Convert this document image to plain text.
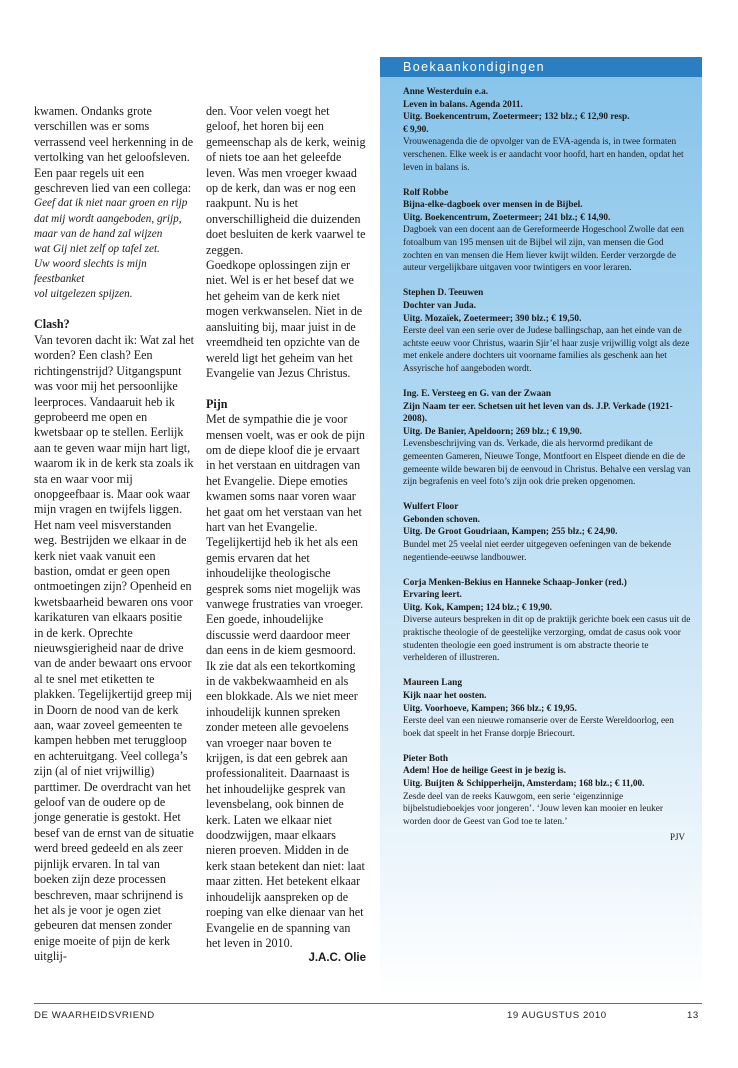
kwamen. Ondanks grote verschillen was er soms verrassend veel herkenning in de vertolking van het geloofsleven. Een paar regels uit een geschreven lied van een collega:

Geef dat ik niet naar groen en rijp
dat mij wordt aangeboden, grijp,
maar van de hand zal wijzen
wat Gij niet zelf op tafel zet.
Uw woord slechts is mijn feestbanket
vol uitgelezen spijzen.
Clash?

Van tevoren dacht ik: Wat zal het worden? Een clash? Een richtingenstrijd? Uitgangspunt was voor mij het persoonlijke leerproces. Vandaaruit heb ik geprobeerd me open en kwetsbaar op te stellen. Eerlijk aan te geven waar mijn hart ligt, waarom ik in de kerk sta zoals ik sta en waar voor mij onopgeefbaar is. Maar ook waar mijn vragen en twijfels liggen. Het nam veel misverstanden weg. Bestrijden we elkaar in de kerk niet vaak vanuit een bastion, omdat er geen open ontmoetingen zijn? Openheid en kwetsbaarheid bewaren ons voor karikaturen van elkaars positie in de kerk. Oprechte nieuwsgierigheid naar de drive van de ander bewaart ons ervoor al te snel met etiketten te plakken. Tegelijkertijd greep mij in Doorn de nood van de kerk aan, waar zoveel gemeenten te kampen hebben met teruggloop en achteruitgang. Veel collega’s zijn (al of niet vrijwillig) parttimer. De overdracht van het geloof van de oudere op de jonge generatie is gestokt. Het besef van de ernst van de situatie werd breed gedeeld en als zeer pijnlijk ervaren. In tal van boeken zijn deze processen beschreven, maar schrijnend is het als je voor je ogen ziet gebeuren dat mensen zonder enige moeite of pijn de kerk uitglij-

den. Voor velen voegt het geloof, het horen bij een gemeenschap als de kerk, weinig of niets toe aan het geleefde leven. Was men vroeger kwaad op de kerk, dan was er nog een raakpunt. Nu is het onverschilligheid die duizenden doet besluiten de kerk vaarwel te zeggen.

Goedkope oplossingen zijn er niet. Wel is er het besef dat we het geheim van de kerk niet mogen verkwanselen. Niet in de aansluiting bij, maar juist in de vreemdheid ten opzichte van de wereld ligt het geheim van het Evangelie van Jezus Christus.

Pijn

Met de sympathie die je voor mensen voelt, was er ook de pijn om de diepe kloof die je ervaart in het verstaan en uitdragen van het Evangelie. Diepe emoties kwamen soms naar voren waar het gaat om het verstaan van het hart van het Evangelie. Tegelijkertijd heb ik het als een gemis ervaren dat het inhoudelijke theologische gesprek soms niet mogelijk was vanwege frustraties van vroeger. Een goede, inhoudelijke discussie werd daardoor meer dan eens in de kiem gesmoord. Ik zie dat als een tekortkoming in de vakbekwaamheid en als een blokkade. Als we niet meer inhoudelijk kunnen spreken zonder meteen alle gevoelens van vroeger naar boven te krijgen, is dat een gebrek aan professionaliteit. Daarnaast is het inhoudelijke gesprek van levensbelang, ook binnen de kerk. Laten we elkaar niet doodzwijgen, maar elkaars nieren proeven. Midden in de kerk staan betekent dan niet: laat maar zitten. Het betekent elkaar inhoudelijk aanspreken op de roeping van elke dienaar van het Evangelie en de spanning van het leven in 2010.

J.A.C. Olie
Boekaankondigingen
Anne Westerduin e.a.
Leven in balans. Agenda 2011.
Uitg. Boekencentrum, Zoetermeer; 132 blz.; € 12,90 resp.
€ 9,90.

Vrouwenagenda die de opvolger van de EVA-agenda is, in twee formaten verschenen. Elke week is er aandacht voor hoofd, hart en handen, opdat het leven in balans is.

Rolf Robbe
Bijna-elke-dagboek over mensen in de Bijbel.
Uitg. Boekencentrum, Zoetermeer; 241 blz.; € 14,90.

Dagboek van een docent aan de Gereformeerde Hogeschool Zwolle dat een fotoalbum van 195 mensen uit de Bijbel wil zijn, van mensen die God zochten en van mensen die Hem liever kwijt wilden. Eerder verzorgde de auteur vergelijkbare uitgaven voor twintigers en voor leraren.

Stephen D. Teeuwen
Dochter van Juda.
Uitg. Mozaïek, Zoetermeer; 390 blz.; € 19,50.

Eerste deel van een serie over de Judese ballingschap, aan het einde van de achtste eeuw voor Christus, waarin Sjir’el haar zusje vrijwillig volgt als deze met enkele andere dochters uit voorname families als geschenk aan het Assyrische hof aangeboden wordt.

Ing. E. Versteeg en G. van der Zwaan
Zijn Naam ter eer. Schetsen uit het leven van ds. J.P. Verkade (1921-2008).
Uitg. De Banier, Apeldoorn; 269 blz.; € 19,90.

Levensbeschrijving van ds. Verkade, die als hervormd predikant de gemeenten Gameren, Nieuwe Tonge, Montfoort en Elspeet diende en die de gemeente wilde bewaren bij de eenvoud in Christus. Behalve een verslag van zijn begrafenis en veel foto’s zijn ook drie preken opgenomen.

Wulfert Floor
Gebonden schoven.
Uitg. De Groot Goudriaan, Kampen; 255 blz.; € 24,90.

Bundel met 25 veelal niet eerder uitgegeven oefeningen van de bekende negentiende-eeuwse landbouwer.

Corja Menken-Bekius en Hanneke Schaap-Jonker (red.)
Ervaring leert.
Uitg. Kok, Kampen; 124 blz.; € 19,90.

Diverse auteurs bespreken in dit op de praktijk gerichte boek een casus uit de praktische theologie of de geestelijke verzorging, omdat de casus ook voor studenten theologie een goed instrument is om abstracte theorie te verhelderen of illustreren.

Maureen Lang
Kijk naar het oosten.
Uitg. Voorhoeve, Kampen; 366 blz.; € 19,95.

Eerste deel van een nieuwe romanserie over de Eerste Wereldoorlog, een boek dat speelt in het Franse dorpje Briecourt.

Pieter Both
Adem! Hoe de heilige Geest in je bezig is.
Uitg. Buijten & Schipperheijn, Amsterdam; 168 blz.; € 11,00.

Zesde deel van de reeks Kauwgom, een serie ‘eigenzinnige bijbelstudieboekjes voor jongeren’. ‘Jouw leven kan mooier en leuker worden door de Geest van God toe te laten.’

PJV
DE WAARHEIDSVRIEND	19 AUGUSTUS 2010	13
